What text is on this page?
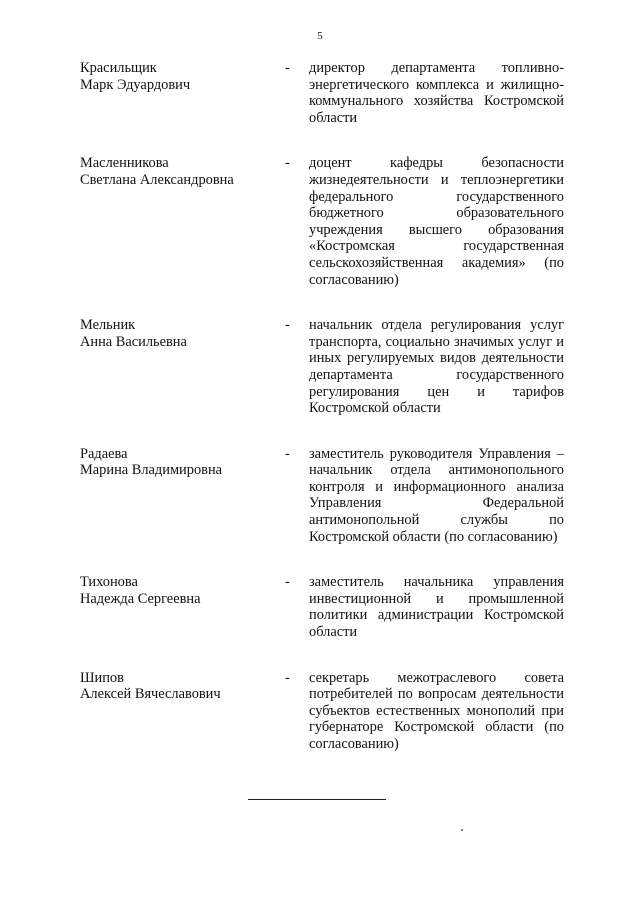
5
Красильщик
Марк Эдуардович
-	директор департамента топливно-энергетического комплекса и жилищно-коммунального хозяйства Костромской области
Масленникова
Светлана Александровна
-	доцент кафедры безопасности жизнедеятельности и теплоэнергетики федерального государственного бюджетного образовательного учреждения высшего образования «Костромская государственная сельскохозяйственная академия» (по согласованию)
Мельник
Анна Васильевна
-	начальник отдела регулирования услуг транспорта, социально значимых услуг и иных регулируемых видов деятельности департамента государственного регулирования цен и тарифов Костромской области
Радаева
Марина Владимировна
-	заместитель руководителя Управления – начальник отдела антимонопольного контроля и информационного анализа Управления Федеральной антимонопольной службы по Костромской области (по согласованию)
Тихонова
Надежда Сергеевна
-	заместитель начальника управления инвестиционной и промышленной политики администрации Костромской области
Шипов
Алексей Вячеславович
-	секретарь межотраслевого совета потребителей по вопросам деятельности субъектов естественных монополий при губернаторе Костромской области (по согласованию)
